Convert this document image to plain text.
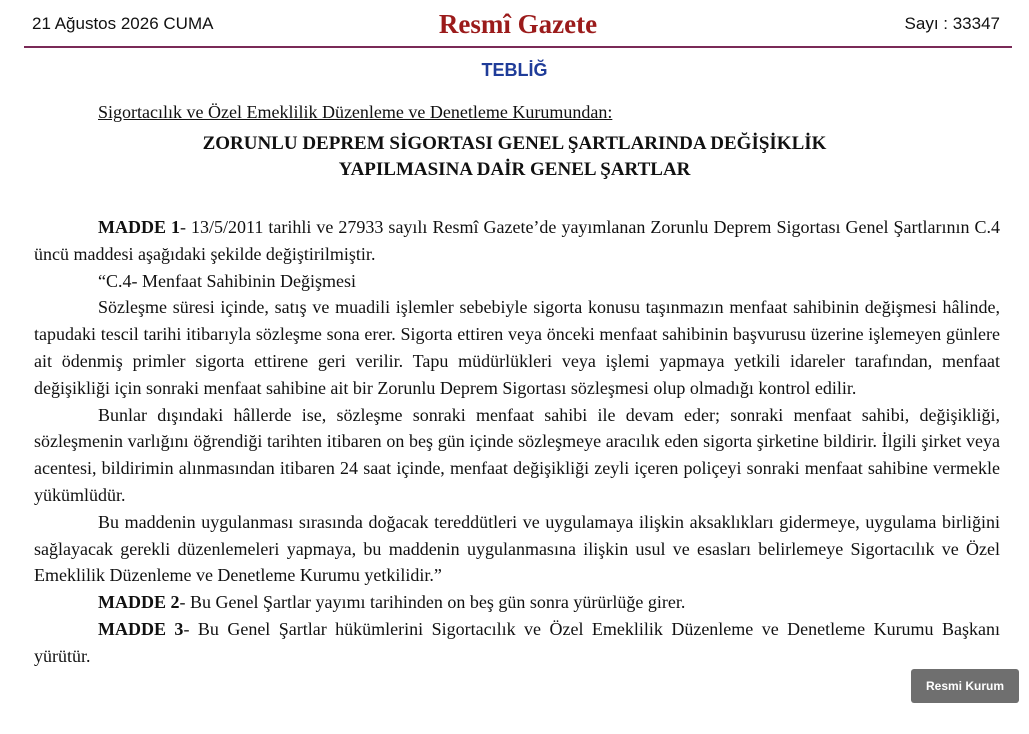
21 Ağustos 2026 CUMA	Resmî Gazete	Sayı : 33347
TEBLİĞ
Sigortacılık ve Özel Emeklilik Düzenleme ve Denetleme Kurumundan:
ZORUNLU DEPREM SİGORTASI GENEL ŞARTLARINDA DEĞİŞİKLİK
YAPILMASINA DAİR GENEL ŞARTLAR

MADDE 1- 13/5/2011 tarihli ve 27933 sayılı Resmî Gazete’de yayımlanan Zorunlu Deprem Sigortası Genel Şartlarının C.4 üncü maddesi aşağıdaki şekilde değiştirilmiştir.

“C.4- Menfaat Sahibinin Değişmesi

Sözleşme süresi içinde, satış ve muadili işlemler sebebiyle sigorta konusu taşınmazın menfaat sahibinin değişmesi hâlinde, tapudaki tescil tarihi itibarıyla sözleşme sona erer. Sigorta ettiren veya önceki menfaat sahibinin başvurusu üzerine işlemeyen günlere ait ödenmiş primler sigorta ettirene geri verilir. Tapu müdürlükleri veya işlemi yapmaya yetkili idareler tarafından, menfaat değişikliği için sonraki menfaat sahibine ait bir Zorunlu Deprem Sigortası sözleşmesi olup olmadığı kontrol edilir.

Bunlar dışındaki hâllerde ise, sözleşme sonraki menfaat sahibi ile devam eder; sonraki menfaat sahibi, değişikliği, sözleşmenin varlığını öğrendiği tarihten itibaren on beş gün içinde sözleşmeye aracılık eden sigorta şirketine bildirir. İlgili şirket veya acentesi, bildirimin alınmasından itibaren 24 saat içinde, menfaat değişikliği zeyli içeren poliçeyi sonraki menfaat sahibine vermekle yükümlüdür.

Bu maddenin uygulanması sırasında doğacak tereddütleri ve uygulamaya ilişkin aksaklıkları gidermeye, uygulama birliğini sağlayacak gerekli düzenlemeleri yapmaya, bu maddenin uygulanmasına ilişkin usul ve esasları belirlemeye Sigortacılık ve Özel Emeklilik Düzenleme ve Denetleme Kurumu yetkilidir.”

MADDE 2- Bu Genel Şartlar yayımı tarihinden on beş gün sonra yürürlüğe girer.

MADDE 3- Bu Genel Şartlar hükümlerini Sigortacılık ve Özel Emeklilik Düzenleme ve Denetleme Kurumu Başkanı yürütür.

Resmi Kurum
